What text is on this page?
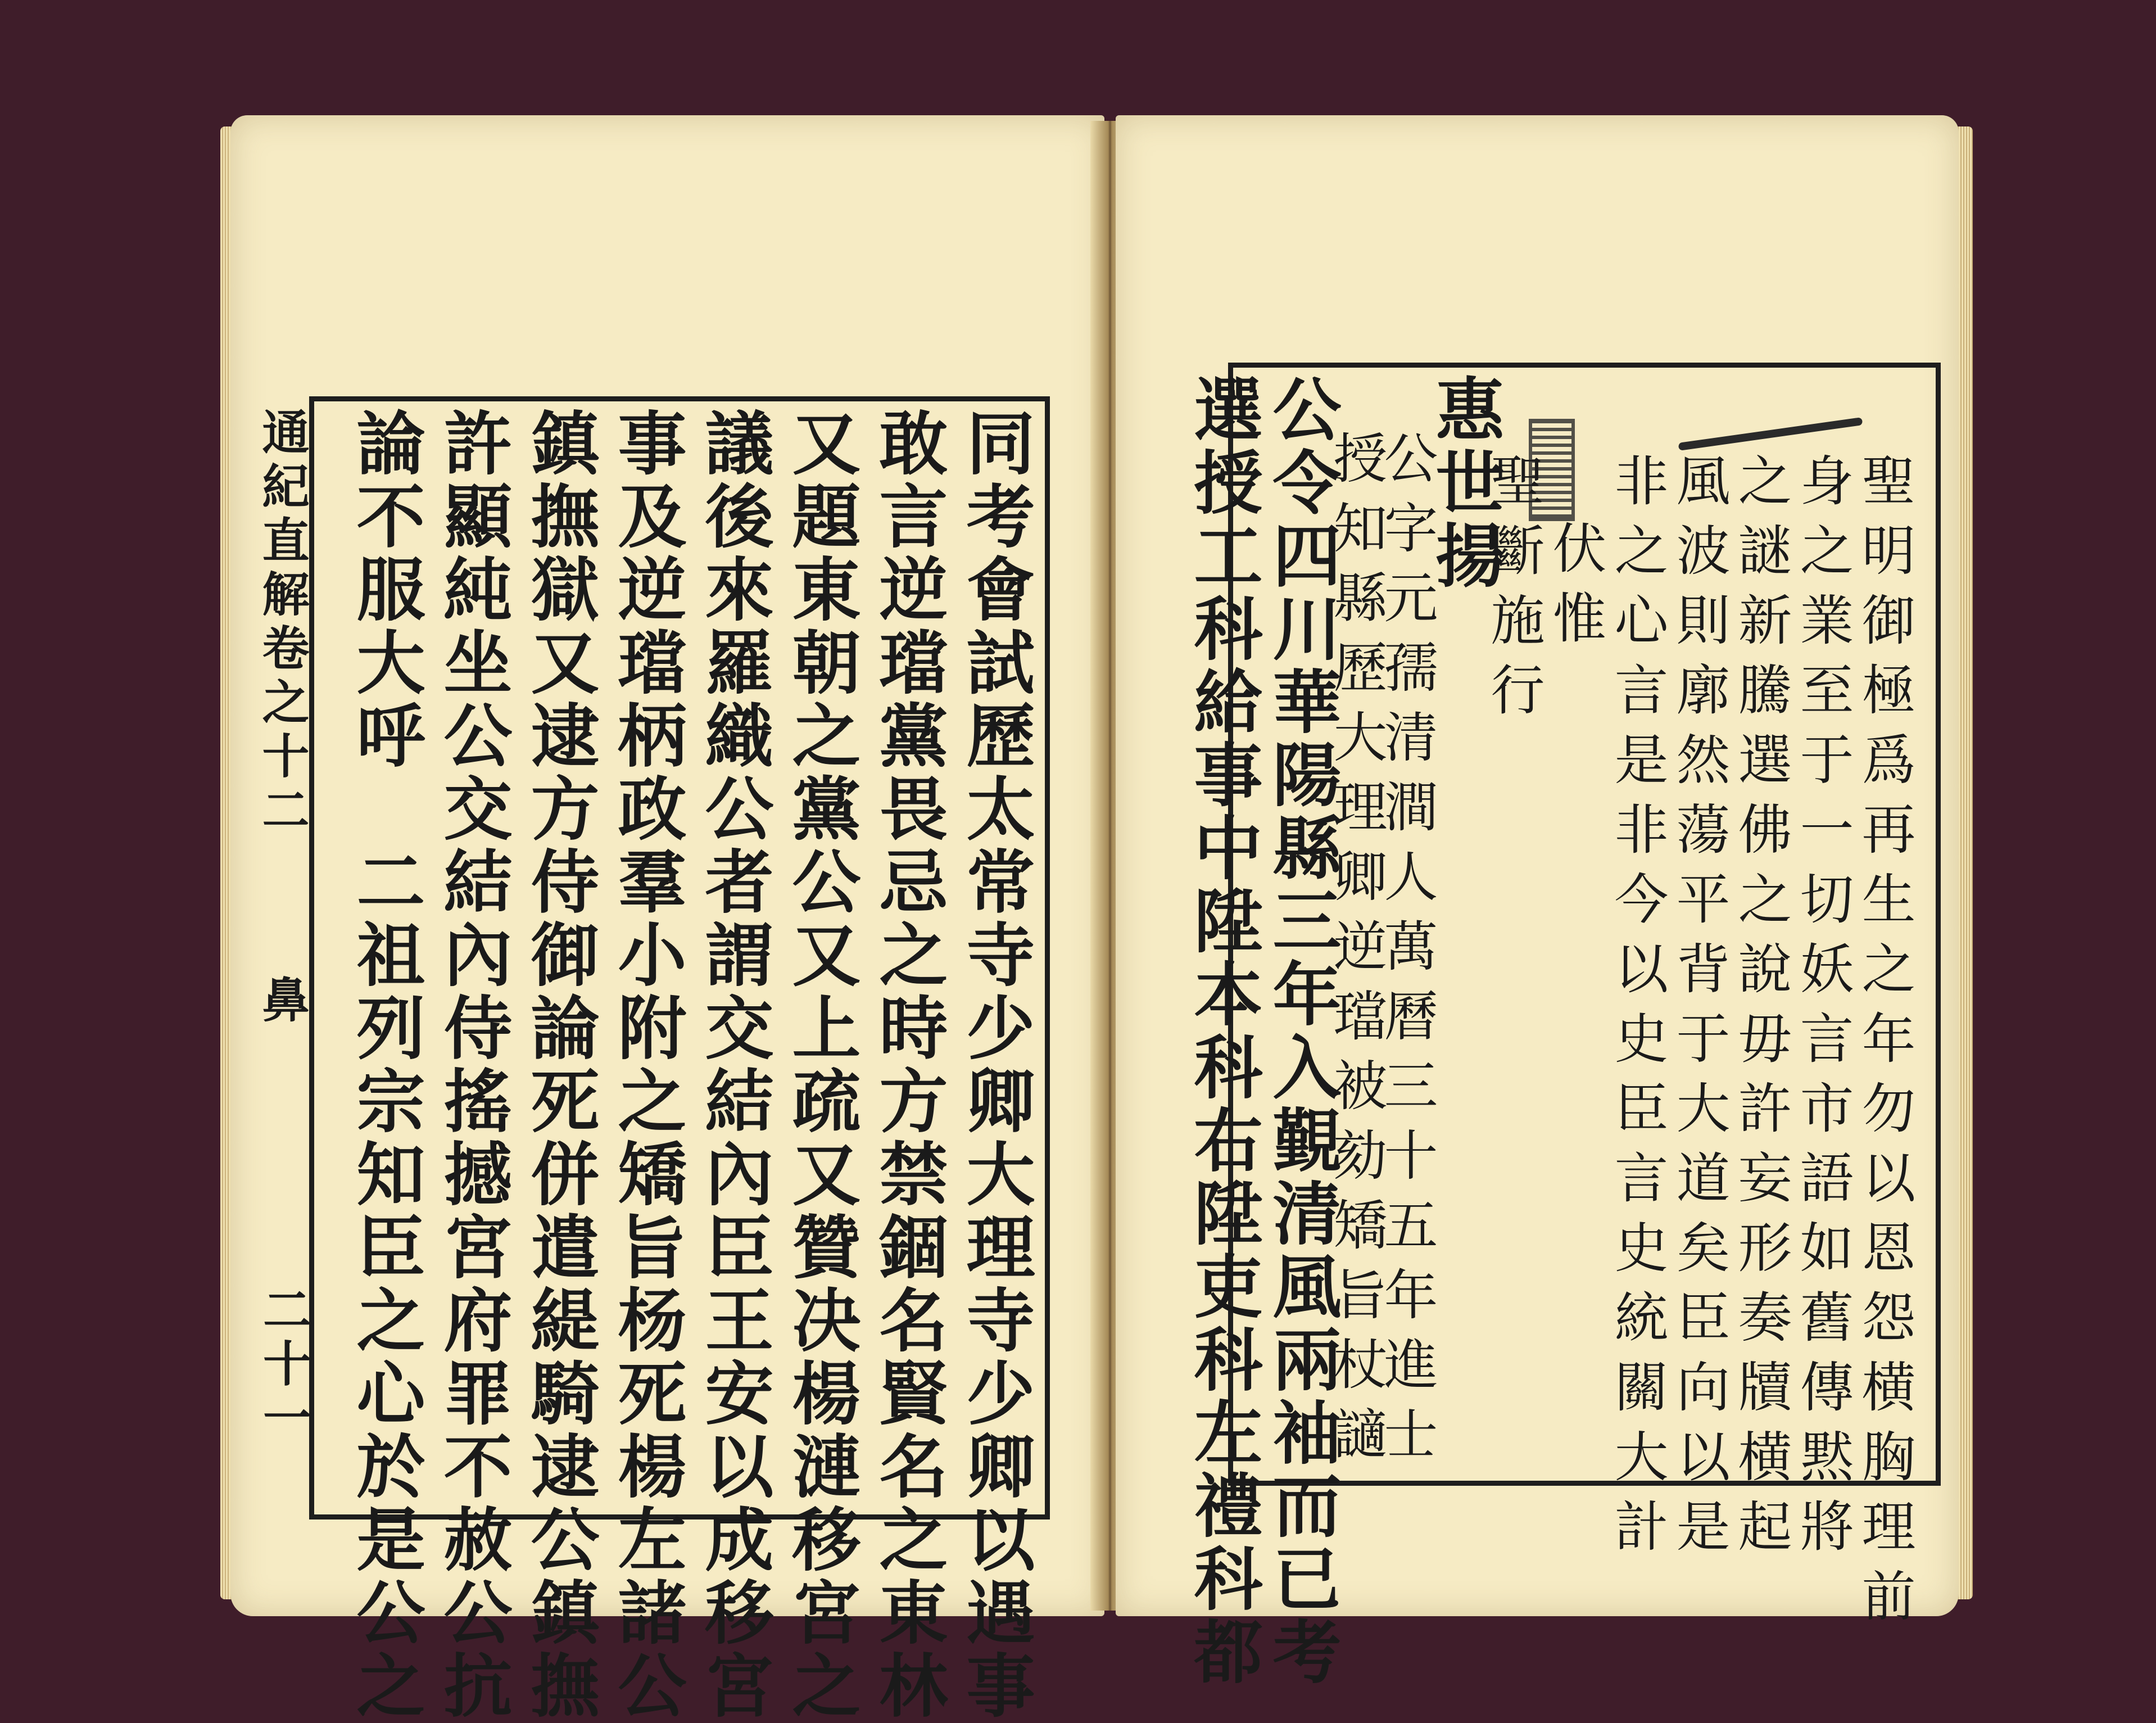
通紀直解卷之十二
鼻
二十一	同考會試歷太常寺少卿大理寺少卿以遇事
敢言逆璫黨畏忌之時方禁錮名賢名之東林
又題東朝之黨公又上疏又贊决楊漣移宮之
議後來羅織公者謂交結內臣王安以成移宮
事及逆璫柄政羣小附之矯旨杨死楊左諸公
鎮撫獄又逮方侍御論死併遣緹騎逮公鎮撫
許顯純坐公交結內侍搖撼宮府罪不赦公抗
論不服大呼　二祖列宗知臣之心於是公之	聖明御極爲再生之年勿以恩怨横胸理前
身之業至于一切妖言市語如舊傳黙將
之謎新騰選佛之說毋許妄形奏牘横起
風波則廓然蕩平背于大道矣臣向以是
非之心言是非今以史臣言史統關大計
伏惟
聖斷施行
惠世揚
公字元孺清澗人萬曆三十五年進士
授知縣歷大理卿逆璫被劾矯旨杖讁
公令四川華陽縣三年入覲清風兩袖而已考
選授工科給事中陞本科右陞吏科左禮科都
